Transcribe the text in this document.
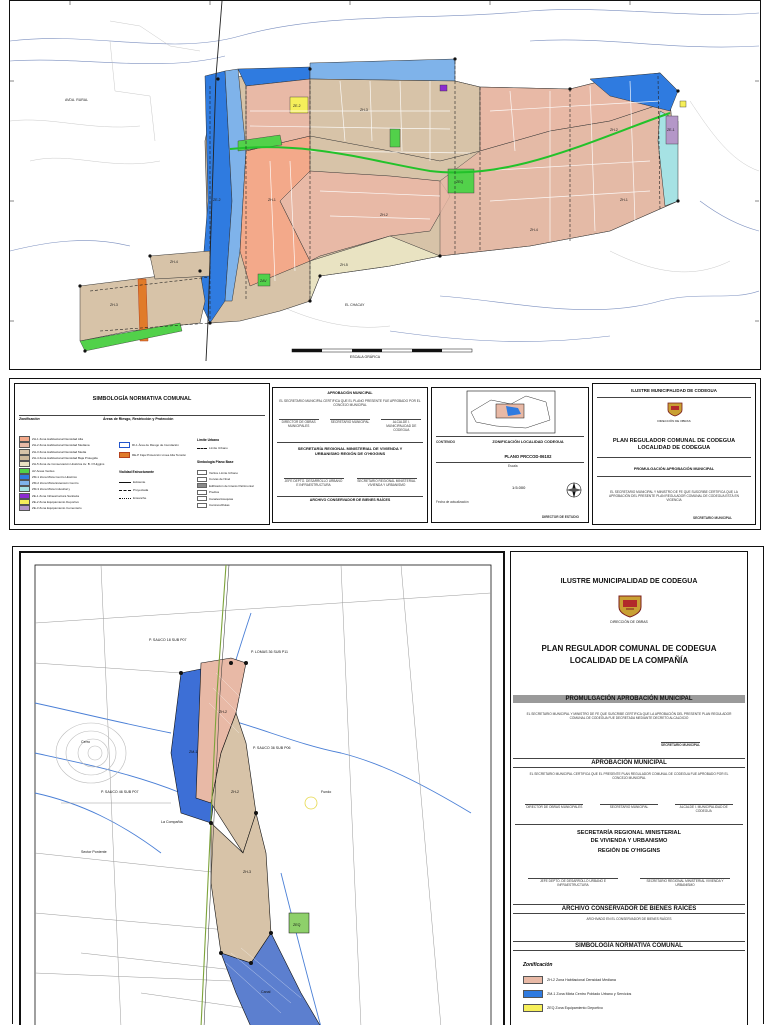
ZH-1
ZH-2
ZH-3
ZH-4
ZH-5
ZE-1
ZE-2
ZEQ
ZAV
ZH-3
ZH-2
ZE-2
ZH-4
ZH-1
AVDA. RURAL
EL CHACAY
ESCALA GRÁFICA
SIMBOLOGÍA NORMATIVA COMUNAL
Zonificación	Áreas de Riesgo, Restricción y Protección
ZH-1 Zona Habitacional Densidad Alta
ZH-2 Zona Habitacional Densidad Mediana
ZH-3 Zona Habitacional Densidad Media
ZH-4 Zona Habitacional Densidad Baja Protegida
ZH-5 Zona de Conservación Histórica Av. B. O'Higgins
AV Areas Verdes
ZM-1 Zona Mixta Centro Histórico
ZM-2 Zona Mixta Extensión Centro
ZM-3 Zona Mixta Industrial y
ZE-1 Zona Infraestructura Sanitaria
ZE-2 Zona Equipamiento Deportivo
ZE-3 Zona Equipamiento Cementerio
RI-1 Área de Riesgo de Inundación
RE-P Faja Protección Línea Alta Tensión
Vialidad Estructurante
Existente
Proyectada
Ensanche
Límite Urbano
Límite Urbano
Simbología Plano Base
Vértice Límite Urbano
Curvas de Nivel
Edificación de Interés Patrimonial
Predios
Canales/Acequias
Caminos/Rutas
APROBACIÓN MUNICIPAL
EL SECRETARIO MUNICIPAL CERTIFICA QUE EL PLANO PRESENTE FUE APROBADO POR EL CONCEJO MUNICIPAL
DIRECTOR DE OBRAS MUNICIPALES
SECRETARIO MUNICIPAL	ALCALDE I. MUNICIPALIDAD DE CODEGUA
SECRETARÍA REGIONAL MINISTERIAL DE VIVIENDA Y URBANISMO REGIÓN DE O'HIGGINS
JEFE DEPTO. DESARROLLO URBANO E INFRAESTRUCTURA
SECRETARIO REGIONAL MINISTERIAL VIVIENDA Y URBANISMO
ARCHIVO CONSERVADOR DE BIENES RAÍCES
CONTENIDO	ZONIFICACIÓN LOCALIDAD CODEGUA
PLANO PRCCOD-06102
Escala
1:5.000
Fecha de actualización
DIRECTOR DE ESTUDIO
ILUSTRE MUNICIPALIDAD DE CODEGUA
DIRECCIÓN DE OBRAS
PLAN REGULADOR COMUNAL DE CODEGUA
LOCALIDAD DE CODEGUA
PROMULGACIÓN APROBACIÓN MUNICIPAL
EL SECRETARIO MUNICIPAL Y MINISTRO DE FE QUE SUSCRIBE CERTIFICA QUE LA APROBACIÓN DEL PRESENTE PLAN REGULADOR COMUNAL DE CODEGUA ESTÁ EN VIGENCIA
SECRETARIO MUNICIPAL
ZM-1
ZH-2
ZEQ
ZH-3
ZH-2
P. SAUCO 18 SUB P07
P. LOMAS 36 SUB P11
P. SAUCO 36 SUB P06
P. SAUCO 46 SUB P07
Cerro
Fundo
La Compañía
Sector Poniente
Canal
ILUSTRE MUNICIPALIDAD DE CODEGUA
DIRECCIÓN DE OBRAS
PLAN REGULADOR COMUNAL DE CODEGUA
LOCALIDAD DE LA COMPAÑÍA
PROMULGACIÓN APROBACIÓN MUNICIPAL
EL SECRETARIO MUNICIPAL Y MINISTRO DE FE QUE SUSCRIBE CERTIFICA QUE LA APROBACIÓN DEL PRESENTE PLAN REGULADOR COMUNAL DE CODEGUA FUE DECRETADA MEDIANTE DECRETO ALCALDICIO
SECRETARIO MUNICIPAL
APROBACIÓN MUNICIPAL
EL SECRETARIO MUNICIPAL CERTIFICA QUE EL PRESENTE PLAN REGULADOR COMUNAL DE CODEGUA FUE APROBADO POR EL CONCEJO MUNICIPAL
DIRECTOR DE OBRAS MUNICIPALES	SECRETARIO MUNICIPAL	ALCALDE I. MUNICIPALIDAD DE CODEGUA
SECRETARÍA REGIONAL MINISTERIAL
DE VIVIENDA Y URBANISMO
REGIÓN DE O'HIGGINS
JEFE DEPTO. DE DESARROLLO URBANO E INFRAESTRUCTURA
SECRETARIO REGIONAL MINISTERIAL VIVIENDA Y URBANISMO
ARCHIVO CONSERVADOR DE BIENES RAÍCES
ARCHIVADO EN EL CONSERVADOR DE BIENES RAÍCES
SIMBOLOGÍA NORMATIVA COMUNAL
Zonificación
ZH-2 Zona Habitacional Densidad Mediana
ZM-1 Zona Mixta Centro Poblado Urbano y Servicios
ZEQ Zona Equipamiento Deportivo
